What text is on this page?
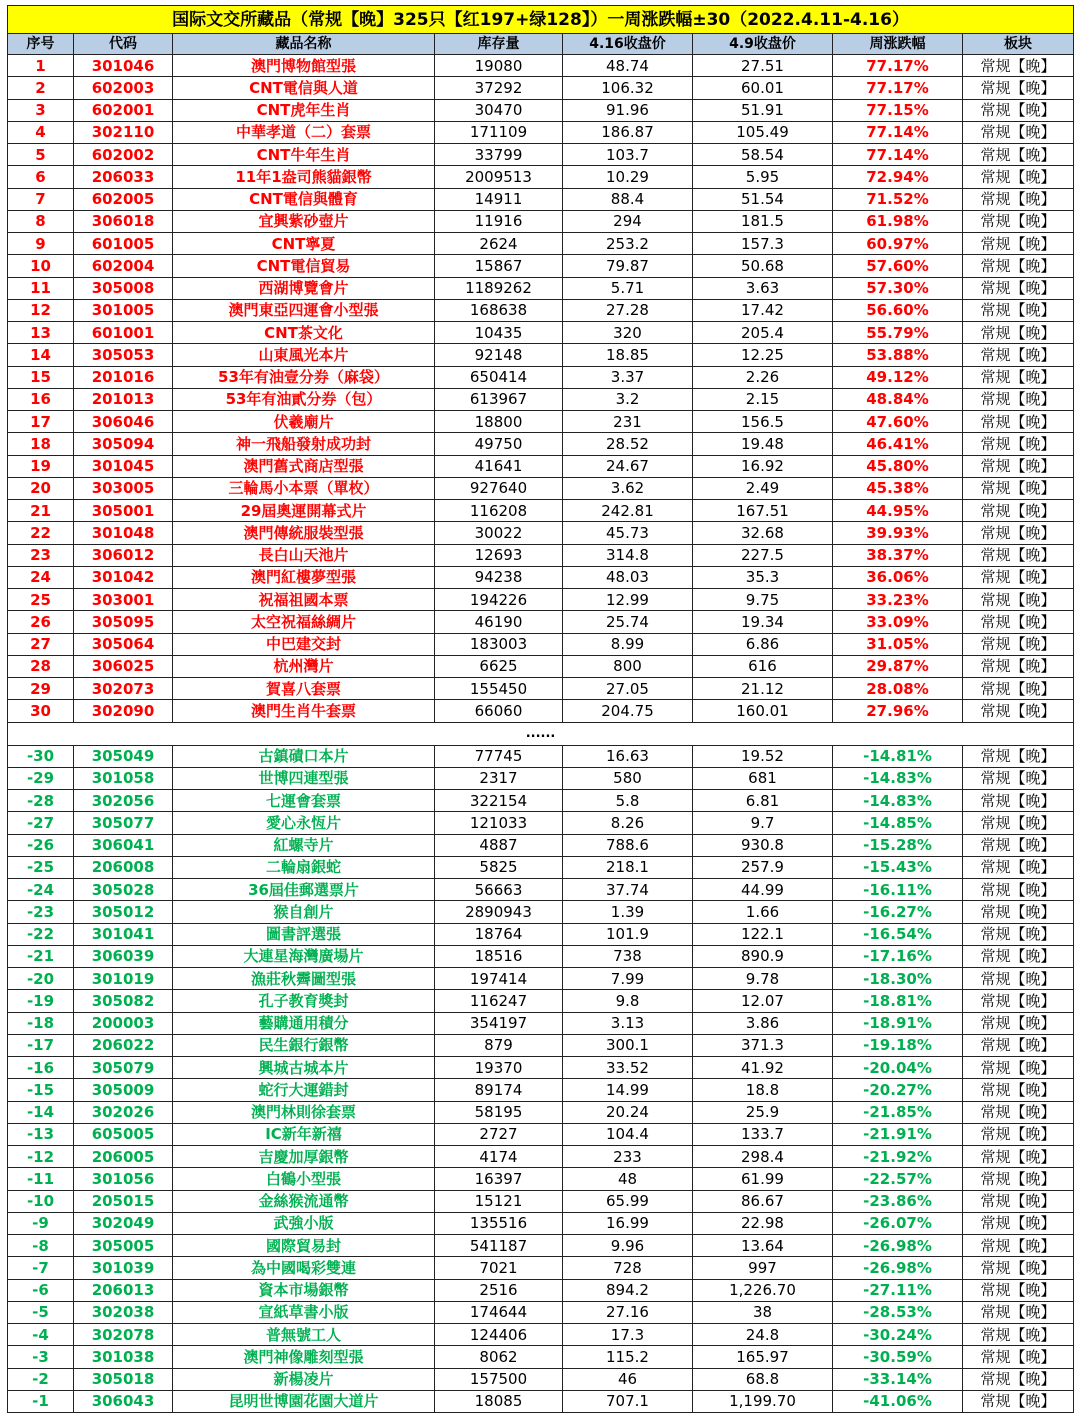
国际文交所藏品（常规【晚】325只【红197+绿128】）一周涨跌幅±30（2022.4.11-4.16）							
序号	代码	藏品名称	库存量	4.16收盘价	4.9收盘价	周涨跌幅	板块
1	301046	澳門博物館型張	19080	48.74	27.51	77.17%	常规【晚】
2	602003	CNT電信與人道	37292	106.32	60.01	77.17%	常规【晚】
3	602001	CNT虎年生肖	30470	91.96	51.91	77.15%	常规【晚】
4	302110	中華孝道（二）套票	171109	186.87	105.49	77.14%	常规【晚】
5	602002	CNT牛年生肖	33799	103.7	58.54	77.14%	常规【晚】
6	206033	11年1盎司熊貓銀幣	2009513	10.29	5.95	72.94%	常规【晚】
7	602005	CNT電信與體育	14911	88.4	51.54	71.52%	常规【晚】
8	306018	宜興紫砂壺片	11916	294	181.5	61.98%	常规【晚】
9	601005	CNT寧夏	2624	253.2	157.3	60.97%	常规【晚】
10	602004	CNT電信貿易	15867	79.87	50.68	57.60%	常规【晚】
11	305008	西湖博覽會片	1189262	5.71	3.63	57.30%	常规【晚】
12	301005	澳門東亞四運會小型張	168638	27.28	17.42	56.60%	常规【晚】
13	601001	CNT茶文化	10435	320	205.4	55.79%	常规【晚】
14	305053	山東風光本片	92148	18.85	12.25	53.88%	常规【晚】
15	201016	53年有油壹分券（麻袋）	650414	3.37	2.26	49.12%	常规【晚】
16	201013	53年有油貳分券（包）	613967	3.2	2.15	48.84%	常规【晚】
17	306046	伏羲廟片	18800	231	156.5	47.60%	常规【晚】
18	305094	神一飛船發射成功封	49750	28.52	19.48	46.41%	常规【晚】
19	301045	澳門舊式商店型張	41641	24.67	16.92	45.80%	常规【晚】
20	303005	三輪馬小本票（單枚）	927640	3.62	2.49	45.38%	常规【晚】
21	305001	29屆奧運開幕式片	116208	242.81	167.51	44.95%	常规【晚】
22	301048	澳門傳統服裝型張	30022	45.73	32.68	39.93%	常规【晚】
23	306012	長白山天池片	12693	314.8	227.5	38.37%	常规【晚】
24	301042	澳門紅樓夢型張	94238	48.03	35.3	36.06%	常规【晚】
25	303001	祝福祖國本票	194226	12.99	9.75	33.23%	常规【晚】
26	305095	太空祝福絲綢片	46190	25.74	19.34	33.09%	常规【晚】
27	305064	中巴建交封	183003	8.99	6.86	31.05%	常规【晚】
28	306025	杭州灣片	6625	800	616	29.87%	常规【晚】
29	302073	賀喜八套票	155450	27.05	21.12	28.08%	常规【晚】
30	302090	澳門生肖牛套票	66060	204.75	160.01	27.96%	常规【晚】
......							
-30	305049	古鎮磧口本片	77745	16.63	19.52	-14.81%	常规【晚】
-29	301058	世博四連型張	2317	580	681	-14.83%	常规【晚】
-28	302056	七運會套票	322154	5.8	6.81	-14.83%	常规【晚】
-27	305077	愛心永恆片	121033	8.26	9.7	-14.85%	常规【晚】
-26	306041	紅螺寺片	4887	788.6	930.8	-15.28%	常规【晚】
-25	206008	二輪扇銀蛇	5825	218.1	257.9	-15.43%	常规【晚】
-24	305028	36屆佳郵選票片	56663	37.74	44.99	-16.11%	常规【晚】
-23	305012	猴自創片	2890943	1.39	1.66	-16.27%	常规【晚】
-22	301041	圖書評選張	18764	101.9	122.1	-16.54%	常规【晚】
-21	306039	大連星海灣廣場片	18516	738	890.9	-17.16%	常规【晚】
-20	301019	漁莊秋霽圖型張	197414	7.99	9.78	-18.30%	常规【晚】
-19	305082	孔子教育獎封	116247	9.8	12.07	-18.81%	常规【晚】
-18	200003	藝購通用積分	354197	3.13	3.86	-18.91%	常规【晚】
-17	206022	民生銀行銀幣	879	300.1	371.3	-19.18%	常规【晚】
-16	305079	興城古城本片	19370	33.52	41.92	-20.04%	常规【晚】
-15	305009	蛇行大運錯封	89174	14.99	18.8	-20.27%	常规【晚】
-14	302026	澳門林則徐套票	58195	20.24	25.9	-21.85%	常规【晚】
-13	605005	IC新年新禧	2727	104.4	133.7	-21.91%	常规【晚】
-12	206005	吉慶加厚銀幣	4174	233	298.4	-21.92%	常规【晚】
-11	301056	白鶴小型張	16397	48	61.99	-22.57%	常规【晚】
-10	205015	金絲猴流通幣	15121	65.99	86.67	-23.86%	常规【晚】
-9	302049	武強小版	135516	16.99	22.98	-26.07%	常规【晚】
-8	305005	國際貿易封	541187	9.96	13.64	-26.98%	常规【晚】
-7	301039	為中國喝彩雙連	7021	728	997	-26.98%	常规【晚】
-6	206013	資本市場銀幣	2516	894.2	1,226.70	-27.11%	常规【晚】
-5	302038	宣紙草書小版	174644	27.16	38	-28.53%	常规【晚】
-4	302078	普無號工人	124406	17.3	24.8	-30.24%	常规【晚】
-3	301038	澳門神像雕刻型張	8062	115.2	165.97	-30.59%	常规【晚】
-2	305018	新楊凌片	157500	46	68.8	-33.14%	常规【晚】
-1	306043	昆明世博園花園大道片	18085	707.1	1,199.70	-41.06%	常规【晚】
